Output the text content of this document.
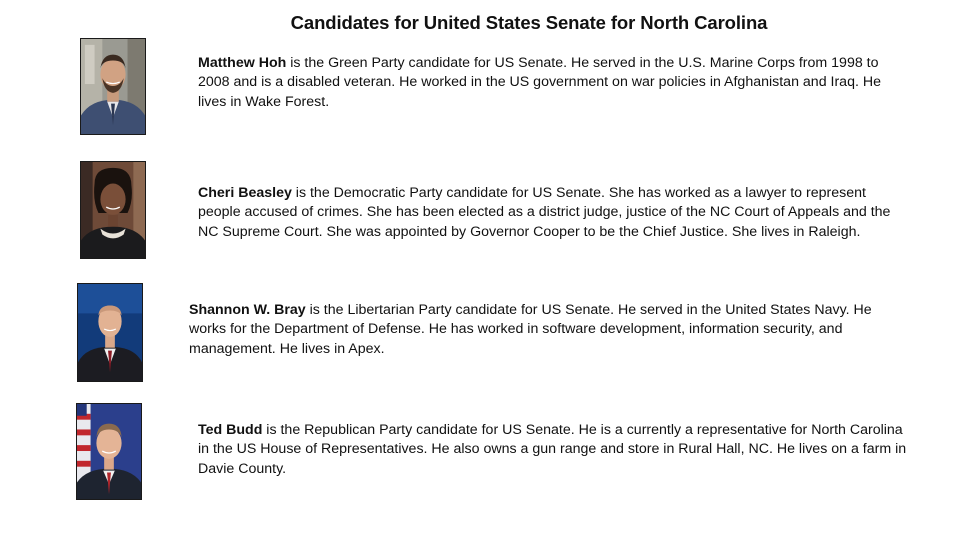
Candidates for United States Senate for North Carolina
Matthew Hoh is the Green Party candidate for US Senate. He served in the U.S. Marine Corps from 1998 to 2008 and is a disabled veteran. He worked in the US government on war policies in Afghanistan and Iraq. He lives in Wake Forest.
Cheri Beasley is the Democratic Party candidate for US Senate. She has worked as a lawyer to represent people accused of crimes. She has been elected as a district judge, justice of the NC Court of Appeals and the NC Supreme Court. She was appointed by Governor Cooper to be the Chief Justice. She lives in Raleigh.
Shannon W. Bray is the Libertarian Party candidate for US Senate. He served in the United States Navy. He works for the Department of Defense. He has worked in software development, information security, and management. He lives in Apex.
Ted Budd is the Republican Party candidate for US Senate. He is a currently a representative for North Carolina in the US House of Representatives. He also owns a gun range and store in Rural Hall, NC. He lives on a farm in Davie County.
